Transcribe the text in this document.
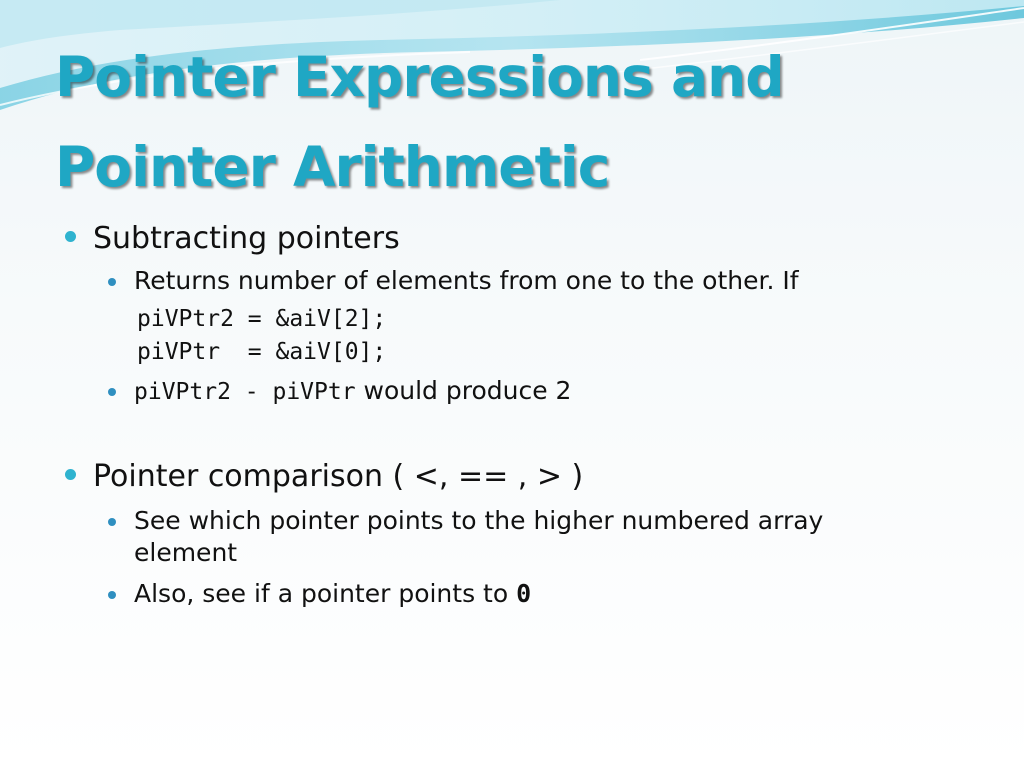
Pointer Expressions and
Pointer Arithmetic
Subtracting pointers
Returns number of elements from one to the other. If
piVPtr2 = &aiV[2];
piVPtr  = &aiV[0];
piVPtr2 - piVPtr would produce 2
Pointer comparison ( <, == , > )
See which pointer points to the higher numbered array
element
Also, see if a pointer points to 0
